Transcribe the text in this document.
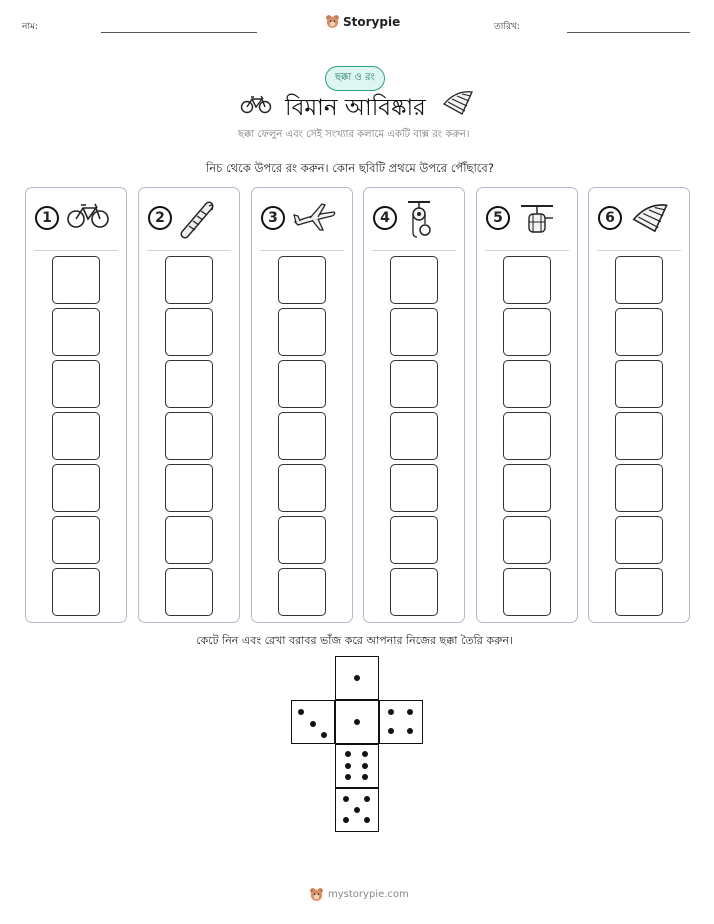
নাম:	Storypie	তারিখ:
ছক্কা ও রং
বিমান আবিষ্কার
ছক্কা ফেলুন এবং সেই সংখ্যার কলামে একটি বাক্স রং করুন।
নিচ থেকে উপরে রং করুন। কোন ছবিটি প্রথমে উপরে পৌঁছাবে?
1	2	3	4	5	6
কেটে নিন এবং রেখা বরাবর ভাঁজ করে আপনার নিজের ছক্কা তৈরি করুন।
mystorypie.com
